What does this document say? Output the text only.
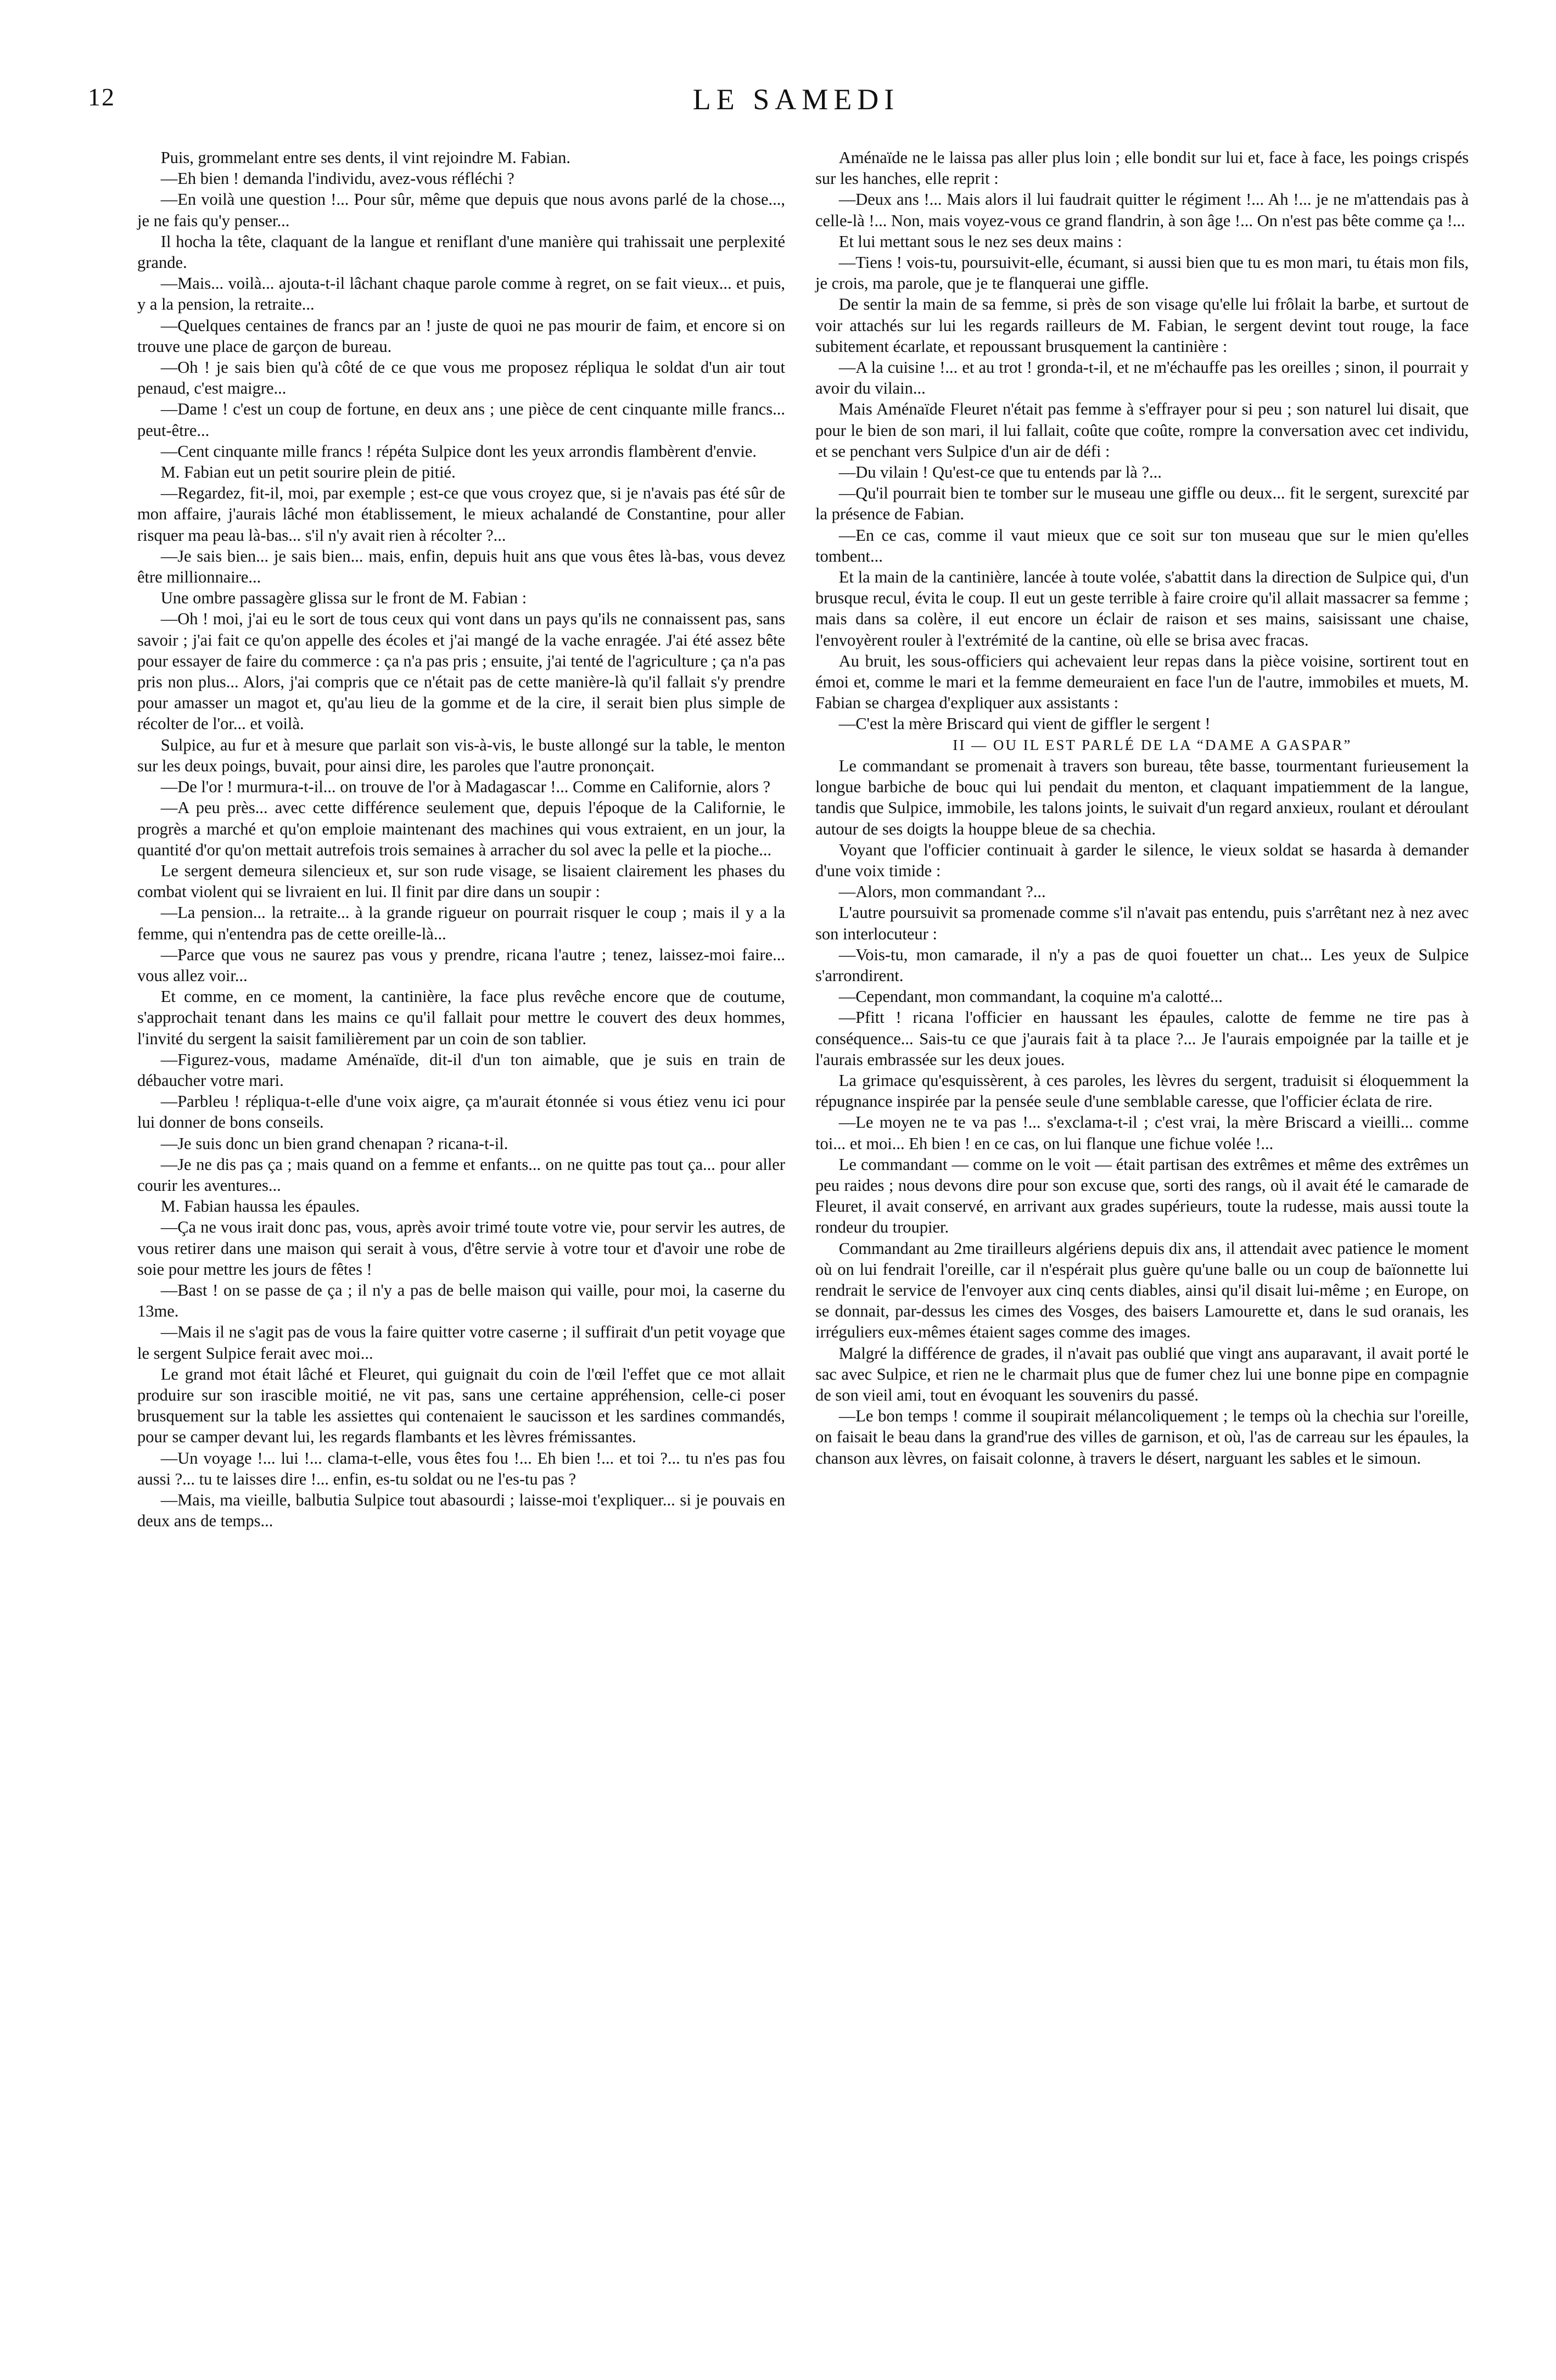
12	LE SAMEDI

Puis, grommelant entre ses dents, il vint rejoindre M. Fabian.

—Eh bien ! demanda l'individu, avez-vous réfléchi ?

—En voilà une question !... Pour sûr, même que depuis que nous avons parlé de la chose..., je ne fais qu'y penser...

Il hocha la tête, claquant de la langue et reniflant d'une manière qui trahissait une perplexité grande.

—Mais... voilà... ajouta-t-il lâchant chaque parole comme à regret, on se fait vieux... et puis, y a la pension, la retraite...

—Quelques centaines de francs par an ! juste de quoi ne pas mourir de faim, et encore si on trouve une place de garçon de bureau.

—Oh ! je sais bien qu'à côté de ce que vous me proposez répliqua le soldat d'un air tout penaud, c'est maigre...

—Dame ! c'est un coup de fortune, en deux ans ; une pièce de cent cinquante mille francs... peut-être...

—Cent cinquante mille francs ! répéta Sulpice dont les yeux arrondis flambèrent d'envie.

M. Fabian eut un petit sourire plein de pitié.

—Regardez, fit-il, moi, par exemple ; est-ce que vous croyez que, si je n'avais pas été sûr de mon affaire, j'aurais lâché mon établissement, le mieux achalandé de Constantine, pour aller risquer ma peau là-bas... s'il n'y avait rien à récolter ?...

—Je sais bien... je sais bien... mais, enfin, depuis huit ans que vous êtes là-bas, vous devez être millionnaire...

Une ombre passagère glissa sur le front de M. Fabian :

—Oh ! moi, j'ai eu le sort de tous ceux qui vont dans un pays qu'ils ne connaissent pas, sans savoir ; j'ai fait ce qu'on appelle des écoles et j'ai mangé de la vache enragée. J'ai été assez bête pour essayer de faire du commerce : ça n'a pas pris ; ensuite, j'ai tenté de l'agriculture ; ça n'a pas pris non plus... Alors, j'ai compris que ce n'était pas de cette manière-là qu'il fallait s'y prendre pour amasser un magot et, qu'au lieu de la gomme et de la cire, il serait bien plus simple de récolter de l'or... et voilà.

Sulpice, au fur et à mesure que parlait son vis-à-vis, le buste allongé sur la table, le menton sur les deux poings, buvait, pour ainsi dire, les paroles que l'autre prononçait.

—De l'or ! murmura-t-il... on trouve de l'or à Madagascar !... Comme en Californie, alors ?

—A peu près... avec cette différence seulement que, depuis l'époque de la Californie, le progrès a marché et qu'on emploie maintenant des machines qui vous extraient, en un jour, la quantité d'or qu'on mettait autrefois trois semaines à arracher du sol avec la pelle et la pioche...

Le sergent demeura silencieux et, sur son rude visage, se lisaient clairement les phases du combat violent qui se livraient en lui. Il finit par dire dans un soupir :

—La pension... la retraite... à la grande rigueur on pourrait risquer le coup ; mais il y a la femme, qui n'entendra pas de cette oreille-là...

—Parce que vous ne saurez pas vous y prendre, ricana l'autre ; tenez, laissez-moi faire... vous allez voir...

Et comme, en ce moment, la cantinière, la face plus revêche encore que de coutume, s'approchait tenant dans les mains ce qu'il fallait pour mettre le couvert des deux hommes, l'invité du sergent la saisit familièrement par un coin de son tablier.

—Figurez-vous, madame Aménaïde, dit-il d'un ton aimable, que je suis en train de débaucher votre mari.

—Parbleu ! répliqua-t-elle d'une voix aigre, ça m'aurait étonnée si vous étiez venu ici pour lui donner de bons conseils.

—Je suis donc un bien grand chenapan ? ricana-t-il.

—Je ne dis pas ça ; mais quand on a femme et enfants... on ne quitte pas tout ça... pour aller courir les aventures...

M. Fabian haussa les épaules.

—Ça ne vous irait donc pas, vous, après avoir trimé toute votre vie, pour servir les autres, de vous retirer dans une maison qui serait à vous, d'être servie à votre tour et d'avoir une robe de soie pour mettre les jours de fêtes !

—Bast ! on se passe de ça ; il n'y a pas de belle maison qui vaille, pour moi, la caserne du 13me.

—Mais il ne s'agit pas de vous la faire quitter votre caserne ; il suffirait d'un petit voyage que le sergent Sulpice ferait avec moi...

Le grand mot était lâché et Fleuret, qui guignait du coin de l'œil l'effet que ce mot allait produire sur son irascible moitié, ne vit pas, sans une certaine appréhension, celle-ci poser brusquement sur la table les assiettes qui contenaient le saucisson et les sardines commandés, pour se camper devant lui, les regards flambants et les lèvres frémissantes.

—Un voyage !... lui !... clama-t-elle, vous êtes fou !... Eh bien !... et toi ?... tu n'es pas fou aussi ?... tu te laisses dire !... enfin, es-tu soldat ou ne l'es-tu pas ?

—Mais, ma vieille, balbutia Sulpice tout abasourdi ; laisse-moi t'expliquer... si je pouvais en deux ans de temps...

Aménaïde ne le laissa pas aller plus loin ; elle bondit sur lui et, face à face, les poings crispés sur les hanches, elle reprit :

—Deux ans !... Mais alors il lui faudrait quitter le régiment !... Ah !... je ne m'attendais pas à celle-là !... Non, mais voyez-vous ce grand flandrin, à son âge !... On n'est pas bête comme ça !...

Et lui mettant sous le nez ses deux mains :

—Tiens ! vois-tu, poursuivit-elle, écumant, si aussi bien que tu es mon mari, tu étais mon fils, je crois, ma parole, que je te flanquerai une giffle.

De sentir la main de sa femme, si près de son visage qu'elle lui frôlait la barbe, et surtout de voir attachés sur lui les regards railleurs de M. Fabian, le sergent devint tout rouge, la face subitement écarlate, et repoussant brusquement la cantinière :

—A la cuisine !... et au trot ! gronda-t-il, et ne m'échauffe pas les oreilles ; sinon, il pourrait y avoir du vilain...

Mais Aménaïde Fleuret n'était pas femme à s'effrayer pour si peu ; son naturel lui disait, que pour le bien de son mari, il lui fallait, coûte que coûte, rompre la conversation avec cet individu, et se penchant vers Sulpice d'un air de défi :

—Du vilain ! Qu'est-ce que tu entends par là ?...

—Qu'il pourrait bien te tomber sur le museau une giffle ou deux... fit le sergent, surexcité par la présence de Fabian.

—En ce cas, comme il vaut mieux que ce soit sur ton museau que sur le mien qu'elles tombent...

Et la main de la cantinière, lancée à toute volée, s'abattit dans la direction de Sulpice qui, d'un brusque recul, évita le coup. Il eut un geste terrible à faire croire qu'il allait massacrer sa femme ; mais dans sa colère, il eut encore un éclair de raison et ses mains, saisissant une chaise, l'envoyèrent rouler à l'extrémité de la cantine, où elle se brisa avec fracas.

Au bruit, les sous-officiers qui achevaient leur repas dans la pièce voisine, sortirent tout en émoi et, comme le mari et la femme demeuraient en face l'un de l'autre, immobiles et muets, M. Fabian se chargea d'expliquer aux assistants :

—C'est la mère Briscard qui vient de giffler le sergent !

II — OU IL EST PARLÉ DE LA “DAME A GASPAR”

Le commandant se promenait à travers son bureau, tête basse, tourmentant furieusement la longue barbiche de bouc qui lui pendait du menton, et claquant impatiemment de la langue, tandis que Sulpice, immobile, les talons joints, le suivait d'un regard anxieux, roulant et déroulant autour de ses doigts la houppe bleue de sa chechia.

Voyant que l'officier continuait à garder le silence, le vieux soldat se hasarda à demander d'une voix timide :

—Alors, mon commandant ?...

L'autre poursuivit sa promenade comme s'il n'avait pas entendu, puis s'arrêtant nez à nez avec son interlocuteur :

—Vois-tu, mon camarade, il n'y a pas de quoi fouetter un chat... Les yeux de Sulpice s'arrondirent.

—Cependant, mon commandant, la coquine m'a calotté...

—Pfitt ! ricana l'officier en haussant les épaules, calotte de femme ne tire pas à conséquence... Sais-tu ce que j'aurais fait à ta place ?... Je l'aurais empoignée par la taille et je l'aurais embrassée sur les deux joues.

La grimace qu'esquissèrent, à ces paroles, les lèvres du sergent, traduisit si éloquemment la répugnance inspirée par la pensée seule d'une semblable caresse, que l'officier éclata de rire.

—Le moyen ne te va pas !... s'exclama-t-il ; c'est vrai, la mère Briscard a vieilli... comme toi... et moi... Eh bien ! en ce cas, on lui flanque une fichue volée !...

Le commandant — comme on le voit — était partisan des extrêmes et même des extrêmes un peu raides ; nous devons dire pour son excuse que, sorti des rangs, où il avait été le camarade de Fleuret, il avait conservé, en arrivant aux grades supérieurs, toute la rudesse, mais aussi toute la rondeur du troupier.

Commandant au 2me tirailleurs algériens depuis dix ans, il attendait avec patience le moment où on lui fendrait l'oreille, car il n'espérait plus guère qu'une balle ou un coup de baïonnette lui rendrait le service de l'envoyer aux cinq cents diables, ainsi qu'il disait lui-même ; en Europe, on se donnait, par-dessus les cimes des Vosges, des baisers Lamourette et, dans le sud oranais, les irréguliers eux-mêmes étaient sages comme des images.

Malgré la différence de grades, il n'avait pas oublié que vingt ans auparavant, il avait porté le sac avec Sulpice, et rien ne le charmait plus que de fumer chez lui une bonne pipe en compagnie de son vieil ami, tout en évoquant les souvenirs du passé.

—Le bon temps ! comme il soupirait mélancoliquement ; le temps où la chechia sur l'oreille, on faisait le beau dans la grand'rue des villes de garnison, et où, l'as de carreau sur les épaules, la chanson aux lèvres, on faisait colonne, à travers le désert, narguant les sables et le simoun.
